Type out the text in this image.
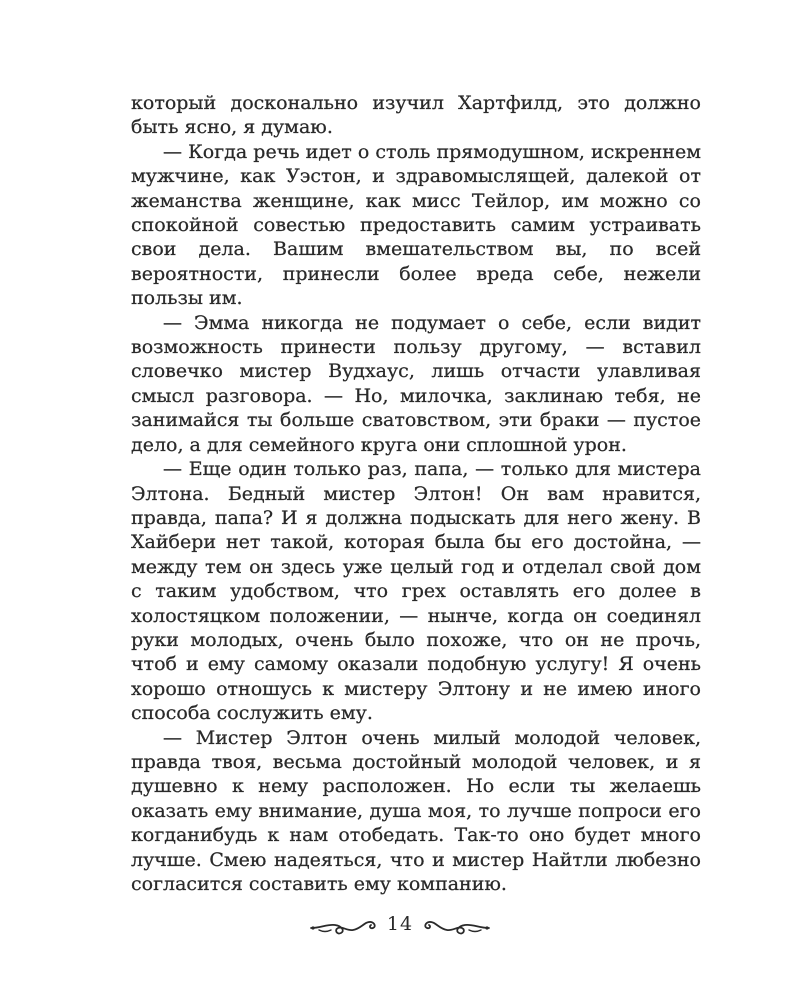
который досконально изучил Хартфилд, это должно быть ясно, я думаю.

— Когда речь идет о столь прямодушном, искреннем мужчине, как Уэстон, и здравомыслящей, далекой от жеманства женщине, как мисс Тейлор, им можно со спокойной совестью предоставить самим устраивать свои дела. Вашим вмешательством вы, по всей вероятности, принесли более вреда себе, нежели пользы им.

— Эмма никогда не подумает о себе, если видит возможность принести пользу другому, — вставил словечко мистер Вудхаус, лишь отчасти улавливая смысл разговора. — Но, милочка, заклинаю тебя, не занимайся ты больше сватовством, эти браки — пустое дело, а для семейного круга они сплошной урон.

— Еще один только раз, папа, — только для мистера Элтона. Бедный мистер Элтон! Он вам нравится, правда, папа? И я должна подыскать для него жену. В Хайбери нет такой, которая была бы его достойна, — между тем он здесь уже целый год и отделал свой дом с таким удобством, что грех оставлять его долее в холостяцком положении, — нынче, когда он соединял руки молодых, очень было похоже, что он не прочь, чтоб и ему самому оказали подобную услугу! Я очень хорошо отношусь к мистеру Элтону и не имею иного способа сослужить ему.

— Мистер Элтон очень милый молодой человек, правда твоя, весьма достойный молодой человек, и я душевно к нему расположен. Но если ты желаешь оказать ему внимание, душа моя, то лучше попроси его когданибудь к нам отобедать. Так-то оно будет много лучше. Смею надеяться, что и мистер Найтли любезно согласится составить ему компанию.

14
